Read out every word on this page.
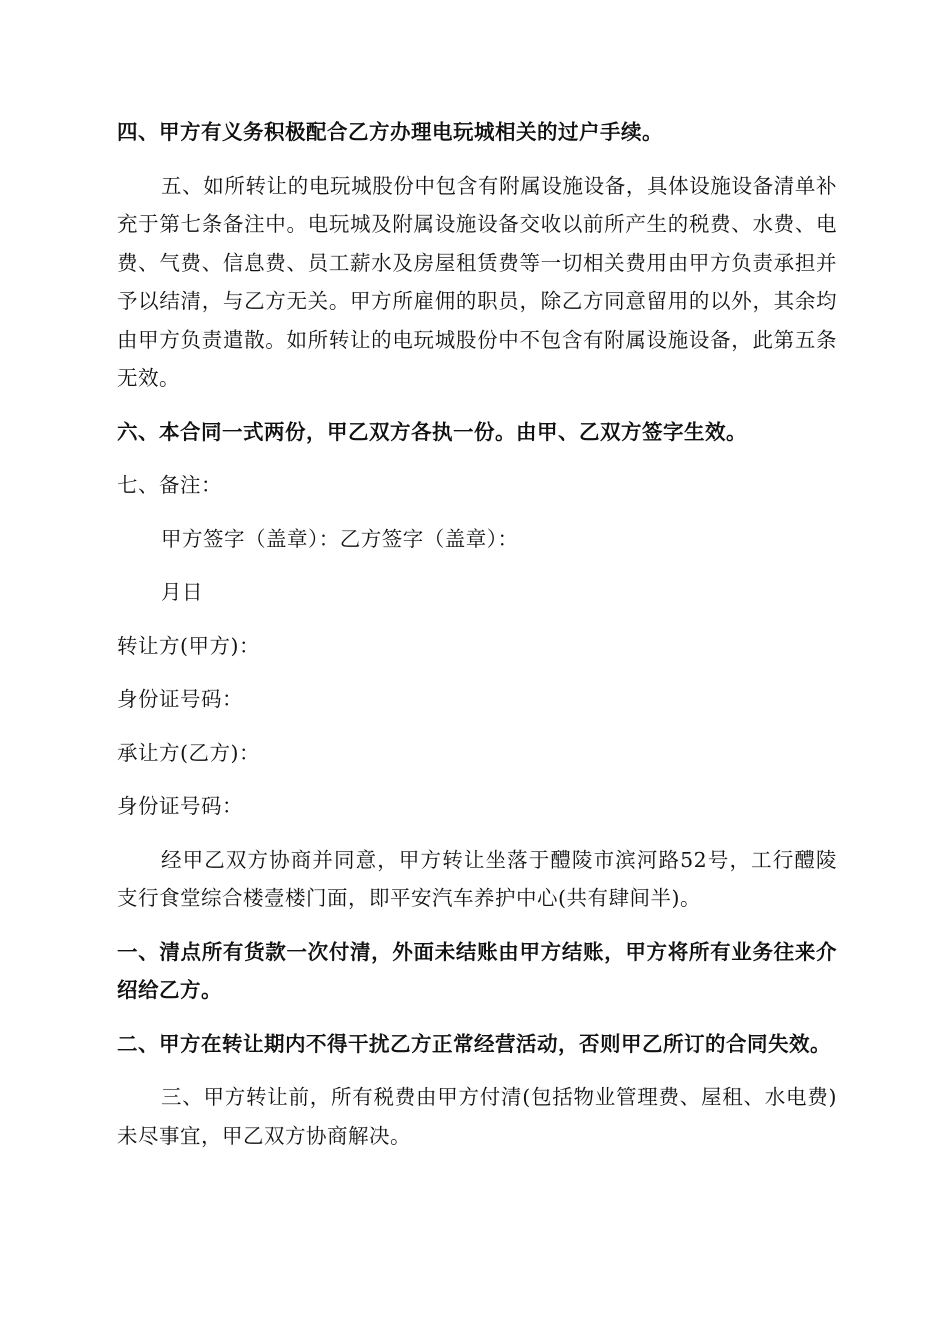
四、甲方有义务积极配合乙方办理电玩城相关的过户手续。

五、如所转让的电玩城股份中包含有附属设施设备，具体设施设备清单补充于第七条备注中。电玩城及附属设施设备交收以前所产生的税费、水费、电费、气费、信息费、员工薪水及房屋租赁费等一切相关费用由甲方负责承担并予以结清，与乙方无关。甲方所雇佣的职员，除乙方同意留用的以外，其余均由甲方负责遣散。如所转让的电玩城股份中不包含有附属设施设备，此第五条无效。

六、本合同一式两份，甲乙双方各执一份。由甲、乙双方签字生效。

七、备注：

甲方签字（盖章）：乙方签字（盖章）：

月日

转让方(甲方)：

身份证号码：

承让方(乙方)：

身份证号码：

经甲乙双方协商并同意，甲方转让坐落于醴陵市滨河路52号，工行醴陵支行食堂综合楼壹楼门面，即平安汽车养护中心(共有肆间半)。

一、清点所有货款一次付清，外面未结账由甲方结账，甲方将所有业务往来介绍给乙方。

二、甲方在转让期内不得干扰乙方正常经营活动，否则甲乙所订的合同失效。

三、甲方转让前，所有税费由甲方付清(包括物业管理费、屋租、水电费)未尽事宜，甲乙双方协商解决。
